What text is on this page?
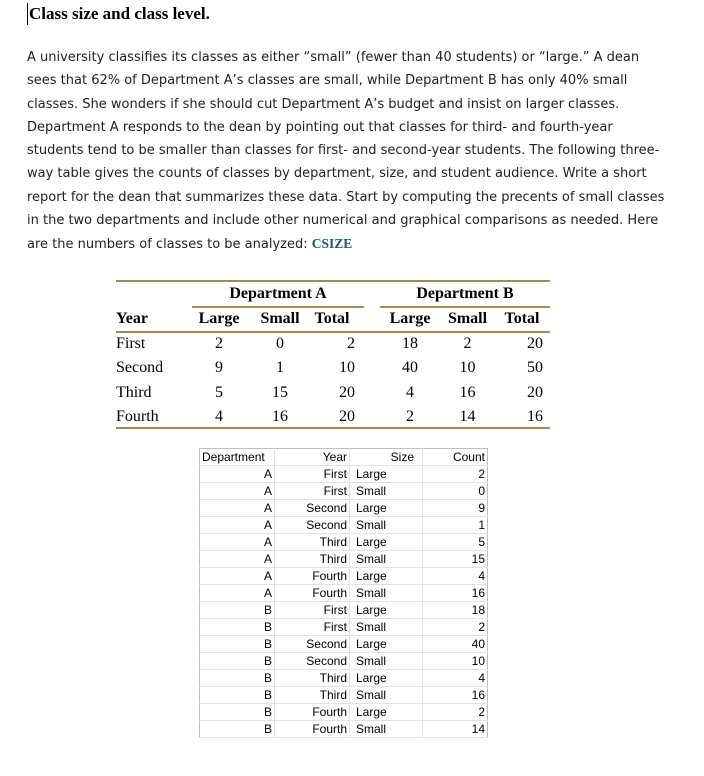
Class size and class level.
A university classifies its classes as either “small” (fewer than 40 students) or “large.” A dean sees that 62% of Department A’s classes are small, while Department B has only 40% small classes. She wonders if she should cut Department A’s budget and insist on larger classes. Department A responds to the dean by pointing out that classes for third- and fourth-year students tend to be smaller than classes for first- and second-year students. The following three-way table gives the counts of classes by department, size, and student audience. Write a short report for the dean that summarizes these data. Start by computing the precents of small classes in the two departments and include other numerical and graphical comparisons as needed. Here are the numbers of classes to be analyzed: CSIZE
Department A	Department B
Year	Large	Small Total	Large	Small	Total
First	2	0	2	18	2	20
Second	9	1	10	40	10	50
Third	5	15	20	4	16	20
Fourth	4	16	20	2	14	16
Department	Year	Size	Count
A	First	Large	2
A	First	Small	0
A	Second	Large	9
A	Second	Small	1
A	Third	Large	5
A	Third	Small	15
A	Fourth	Large	4
A	Fourth	Small	16
B	First	Large	18
B	First	Small	2
B	Second	Large	40
B	Second	Small	10
B	Third	Large	4
B	Third	Small	16
B	Fourth	Large	2
B	Fourth	Small	14
